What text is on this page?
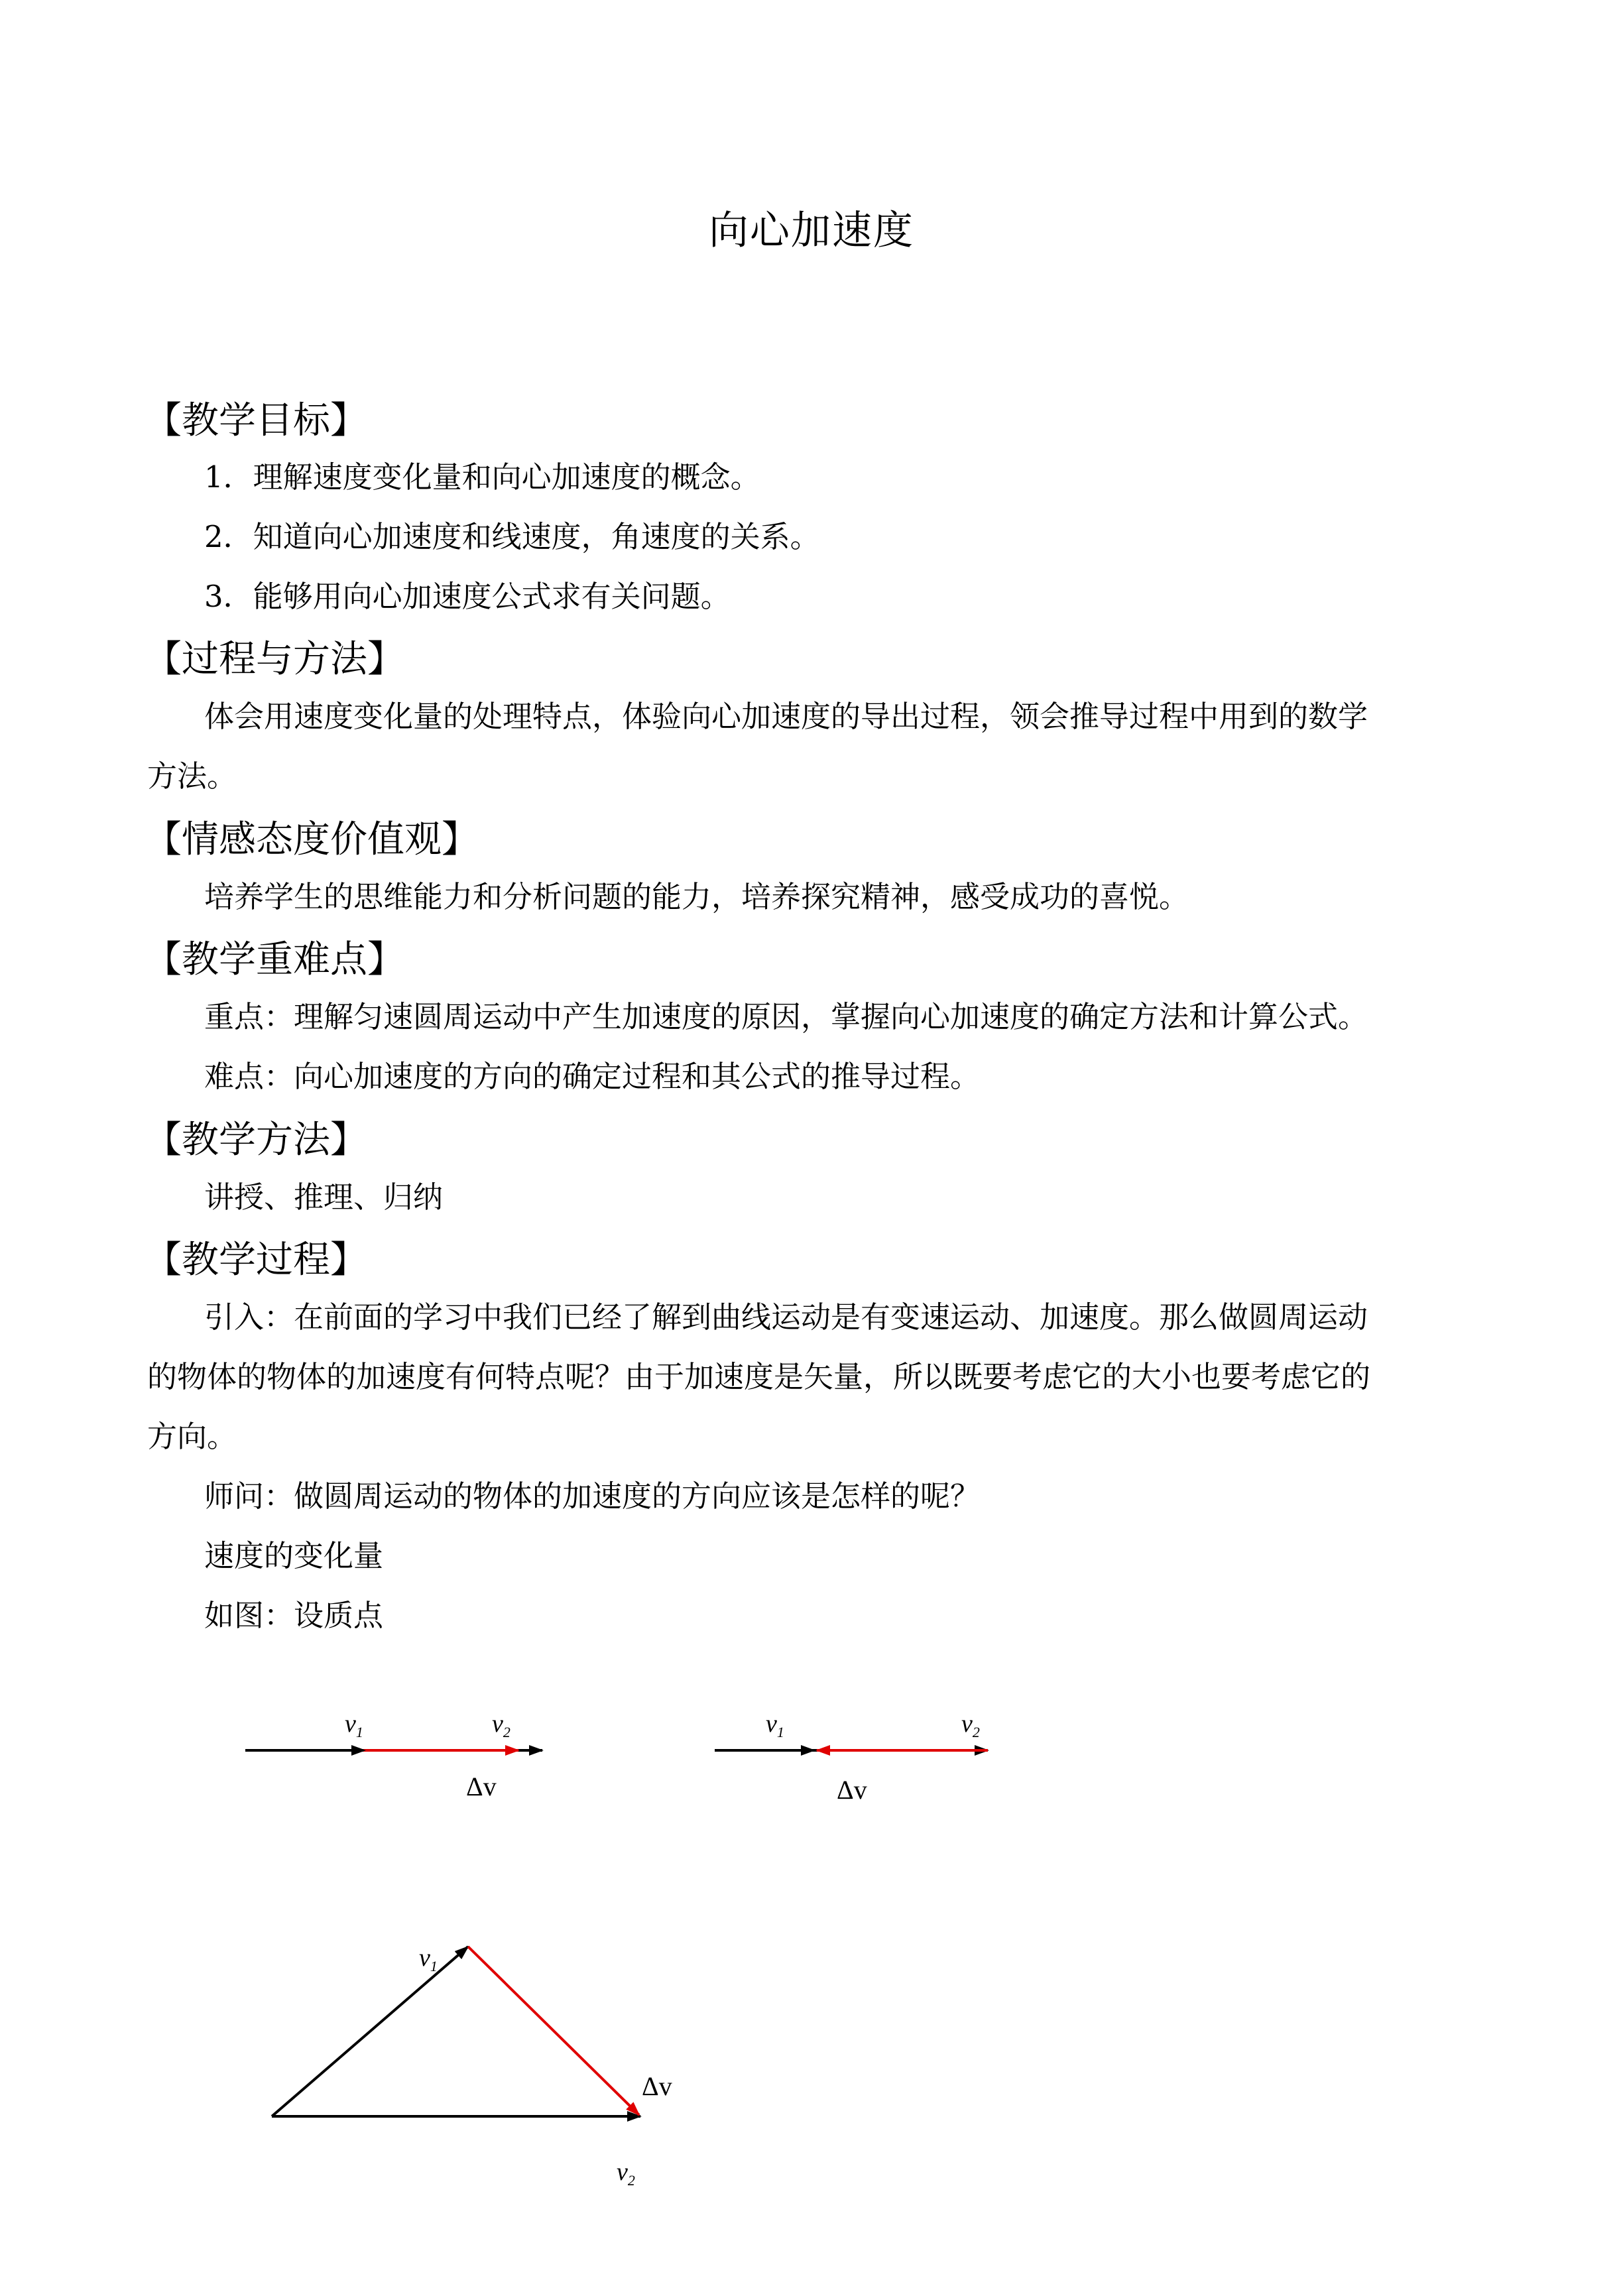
向心加速度
【教学目标】
1．理解速度变化量和向心加速度的概念。
2．知道向心加速度和线速度，角速度的关系。
3．能够用向心加速度公式求有关问题。
【过程与方法】
体会用速度变化量的处理特点，体验向心加速度的导出过程，领会推导过程中用到的数学
方法。
【情感态度价值观】
培养学生的思维能力和分析问题的能力，培养探究精神，感受成功的喜悦。
【教学重难点】
重点：理解匀速圆周运动中产生加速度的原因，掌握向心加速度的确定方法和计算公式。
难点：向心加速度的方向的确定过程和其公式的推导过程。
【教学方法】
讲授、推理、归纳
【教学过程】
引入：在前面的学习中我们已经了解到曲线运动是有变速运动、加速度。那么做圆周运动
的物体的物体的加速度有何特点呢？由于加速度是矢量，所以既要考虑它的大小也要考虑它的
方向。
师问：做圆周运动的物体的加速度的方向应该是怎样的呢？
速度的变化量
如图：设质点
$v_1$	$v_2$
Δv
$v_1$	$v_2$
Δv
$v_1$
Δv
$v_2$
